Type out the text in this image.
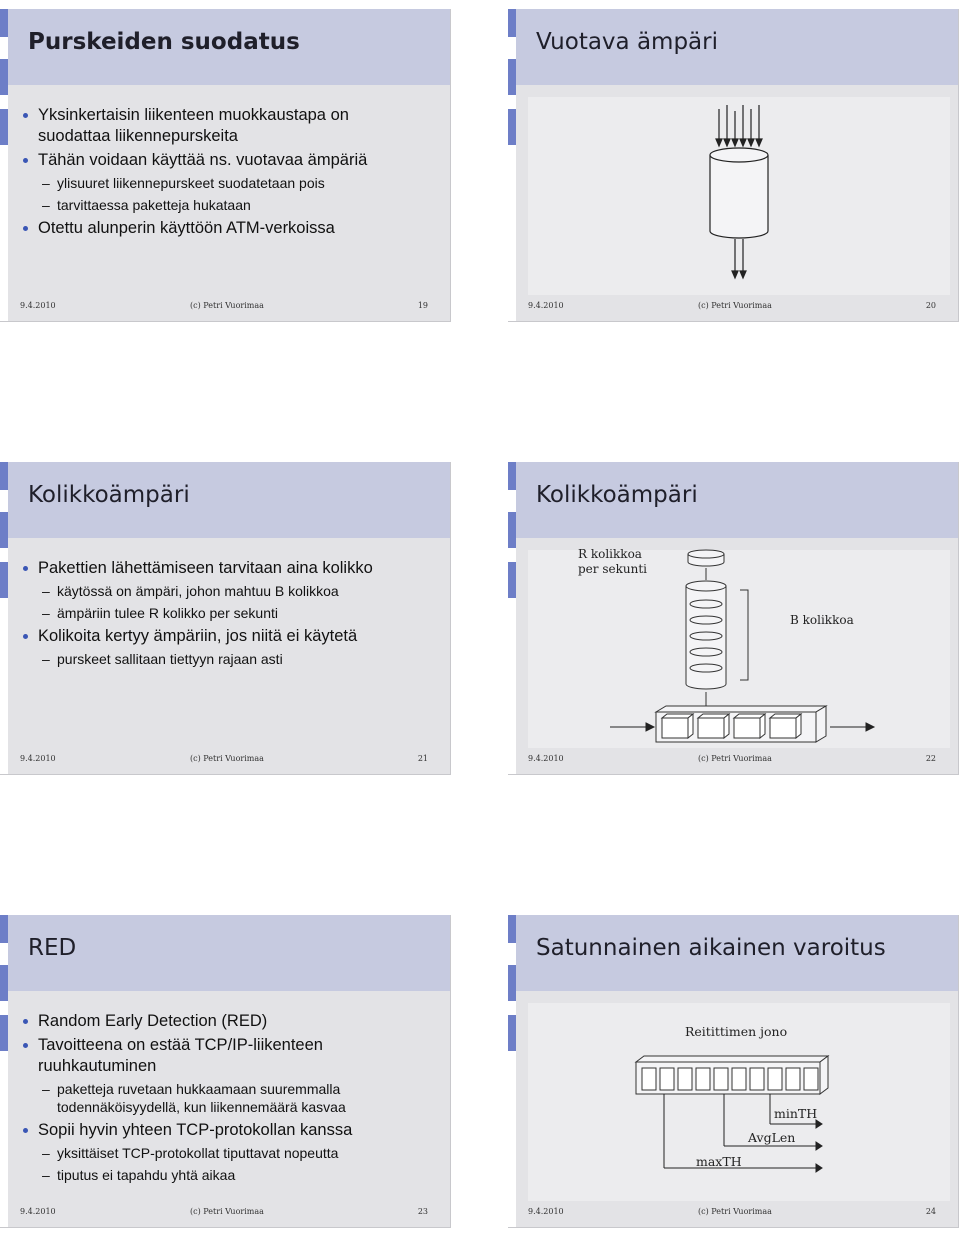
Purskeiden suodatus
Yksinkertaisin liikenteen muokkaustapa on suodattaa liikennepurskeita
Tähän voidaan käyttää ns. vuotavaa ämpäriä
– ylisuuret liikennepurskeet suodatetaan pois
– tarvittaessa paketteja hukataan
Otettu alunperin käyttöön ATM-verkoissa
9.4.2010	(c) Petri Vuorimaa	19
Vuotava ämpäri
9.4.2010	(c) Petri Vuorimaa	20
Kolikkoämpäri
Pakettien lähettämiseen tarvitaan aina kolikko
– käytössä on ämpäri, johon mahtuu B kolikkoa
– ämpäriin tulee R kolikko per sekunti
Kolikoita kertyy ämpäriin, jos niitä ei käytetä
– purskeet sallitaan tiettyyn rajaan asti
9.4.2010	(c) Petri Vuorimaa	21
Kolikkoämpäri
R kolikkoa
per sekunti
B kolikkoa
9.4.2010	(c) Petri Vuorimaa	22
RED
Random Early Detection (RED)
Tavoitteena on estää TCP/IP-liikenteen ruuhkautuminen
– paketteja ruvetaan hukkaamaan suuremmalla todennäköisyydellä, kun liikennemäärä kasvaa
Sopii hyvin yhteen TCP-protokollan kanssa
– yksittäiset TCP-protokollat tiputtavat nopeutta
– tiputus ei tapahdu yhtä aikaa
9.4.2010	(c) Petri Vuorimaa	23
Satunnainen aikainen varoitus
Reitittimen jono
minTH
AvgLen
maxTH
9.4.2010	(c) Petri Vuorimaa	24
